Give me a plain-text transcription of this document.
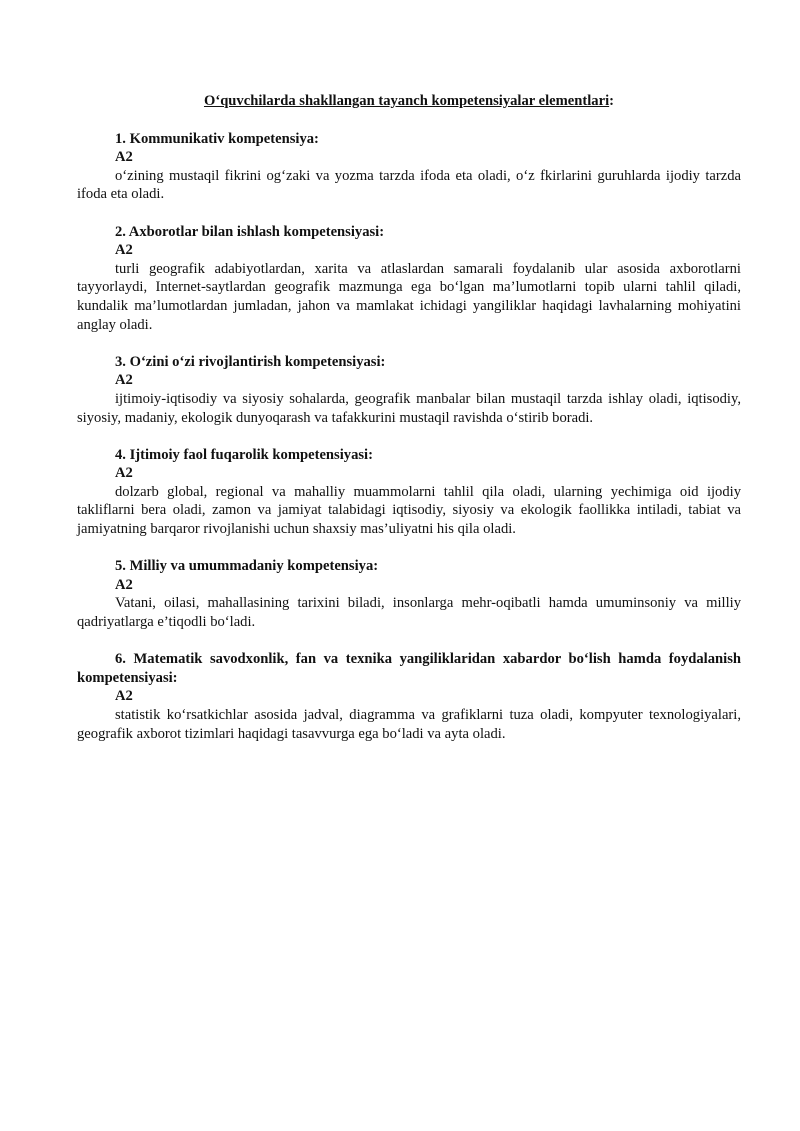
O‘quvchilarda shakllangan tayanch kompetensiyalar elementlari:

1. Kommunikativ kompetensiya:

A2

o‘zining mustaqil fikrini og‘zaki va yozma tarzda ifoda eta oladi, o‘z fkirlarini guruhlarda ijodiy tarzda ifoda eta oladi.

2. Axborotlar bilan ishlash kompetensiyasi:

A2

turli geografik adabiyotlardan, xarita va atlaslardan samarali foydalanib ular asosida axborotlarni tayyorlaydi, Internet-saytlardan geografik mazmunga ega bo‘lgan ma’lumotlarni topib ularni tahlil qiladi, kundalik ma’lumotlardan jumladan, jahon va mamlakat ichidagi yangiliklar haqidagi lavhalarning mohiyatini anglay oladi.

3. O‘zini o‘zi rivojlantirish kompetensiyasi:

A2

ijtimoiy-iqtisodiy va siyosiy sohalarda, geografik manbalar bilan mustaqil tarzda ishlay oladi, iqtisodiy, siyosiy, madaniy, ekologik dunyoqarash va tafakkurini mustaqil ravishda o‘stirib boradi.

4. Ijtimoiy faol fuqarolik kompetensiyasi:

A2

dolzarb global, regional va mahalliy muammolarni tahlil qila oladi, ularning yechimiga oid ijodiy takliflarni bera oladi, zamon va jamiyat talabidagi iqtisodiy, siyosiy va ekologik faollikka intiladi, tabiat va jamiyatning barqaror rivojlanishi uchun shaxsiy mas’uliyatni his qila oladi.

5. Milliy va umummadaniy kompetensiya:

A2

Vatani, oilasi, mahallasining tarixini biladi, insonlarga mehr-oqibatli hamda umuminsoniy va milliy qadriyatlarga e’tiqodli bo‘ladi.

6. Matematik savodxonlik, fan va texnika yangiliklaridan xabardor bo‘lish hamda foydalanish kompetensiyasi:

A2

statistik ko‘rsatkichlar asosida jadval, diagramma va grafiklarni tuza oladi, kompyuter texnologiyalari, geografik axborot tizimlari haqidagi tasavvurga ega bo‘ladi va ayta oladi.
